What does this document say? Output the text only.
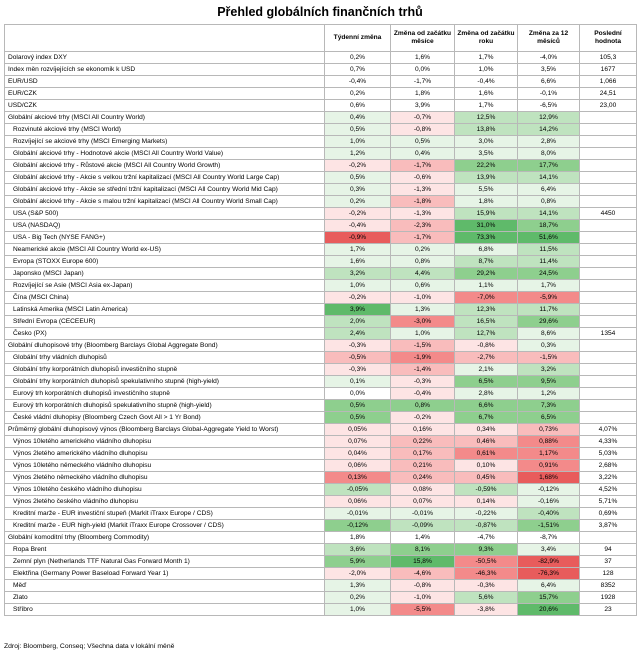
Přehled globálních finančních trhů
	Týdenní změna	Změna od začátku měsíce	Změna od začátku roku	Změna za 12 měsíců	Poslední hodnota
Dolarový index DXY	0,2%	1,6%	1,7%	-4,0%	105,3
Index měn rozvíjejících se ekonomik k USD	0,7%	0,0%	1,0%	3,5%	1677
EUR/USD	-0,4%	-1,7%	-0,4%	6,6%	1,066
EUR/CZK	0,2%	1,8%	1,6%	-0,1%	24,51
USD/CZK	0,6%	3,9%	1,7%	-6,5%	23,00
Globální akciové trhy (MSCI All Country World)	0,4%	-0,7%	12,5%	12,9%	
Rozvinuté akciové trhy (MSCI World)	0,5%	-0,8%	13,8%	14,2%	
Rozvíjející se akciové trhy (MSCI Emerging Markets)	1,0%	0,5%	3,0%	2,8%	
Globální akciové trhy - Hodnotové akcie (MSCI All Country World Value)	1,2%	0,4%	3,5%	8,0%	
Globální akciové trhy - Růstové akcie (MSCI All Country World Growth)	-0,2%	-1,7%	22,2%	17,7%	
Globální akciové trhy - Akcie s velkou tržní kapitalizací (MSCI All Country World Large Cap)	0,5%	-0,6%	13,9%	14,1%	
Globální akciové trhy - Akcie se střední tržní kapitalizací (MSCI All Country World Mid Cap)	0,3%	-1,3%	5,5%	6,4%	
Globální akciové trhy - Akcie s malou tržní kapitalizací (MSCI All Country World Small Cap)	0,2%	-1,8%	1,8%	0,8%	
USA (S&P 500)	-0,2%	-1,3%	15,9%	14,1%	4450
USA (NASDAQ)	-0,4%	-2,3%	31,0%	18,7%	
USA - Big Tech (NYSE FANG+)	-0,9%	-1,7%	73,3%	51,6%	
Neamerické akcie (MSCI All Country World ex-US)	1,7%	0,2%	6,8%	11,5%	
Evropa (STOXX Europe 600)	1,6%	0,8%	8,7%	11,4%	
Japonsko (MSCI Japan)	3,2%	4,4%	29,2%	24,5%	
Rozvíjející se Asie (MSCI Asia ex-Japan)	1,0%	0,6%	1,1%	1,7%	
Čína (MSCI China)	-0,2%	-1,0%	-7,0%	-5,9%	
Latinská Amerika (MSCI Latin America)	3,9%	1,3%	12,3%	11,7%	
Střední Evropa (CECEEUR)	2,0%	-3,0%	16,5%	29,6%	
Česko (PX)	2,4%	1,0%	12,7%	8,6%	1354
Globální dluhopisové trhy (Bloomberg Barclays Global Aggregate Bond)	-0,3%	-1,5%	-0,8%	0,3%	
Globální trhy vládních dluhopisů	-0,5%	-1,9%	-2,7%	-1,5%	
Globální trhy korporátních dluhopisů investičního stupně	-0,3%	-1,4%	2,1%	3,2%	
Globální trhy korporátních dluhopisů spekulativního stupně (high-yield)	0,1%	-0,3%	6,5%	9,5%	
Eurový trh korporátních dluhopisů investičního stupně	0,0%	-0,4%	2,8%	1,2%	
Eurový trh korporátních dluhopisů spekulativního stupně (high-yield)	0,5%	0,8%	6,6%	7,3%	
České vládní dluhopisy (Bloomberg Czech Govt All > 1 Yr Bond)	0,5%	-0,2%	6,7%	6,5%	
Průměrný globální dluhopisový výnos (Bloomberg Barclays Global-Aggregate Yield to Worst)	0,05%	0,16%	0,34%	0,73%	4,07%
Výnos 10letého amerického vládního dluhopisu	0,07%	0,22%	0,46%	0,88%	4,33%
Výnos 2letého amerického vládního dluhopisu	0,04%	0,17%	0,61%	1,17%	5,03%
Výnos 10letého německého vládního dluhopisu	0,06%	0,21%	0,10%	0,91%	2,68%
Výnos 2letého německého vládního dluhopisu	0,13%	0,24%	0,45%	1,68%	3,22%
Výnos 10letého českého vládního dluhopisu	-0,05%	0,08%	-0,59%	-0,12%	4,52%
Výnos 2letého českého vládního dluhopisu	0,06%	0,07%	0,14%	-0,16%	5,71%
Kreditní marže - EUR investiční stupeň (Markit iTraxx Europe / CDS)	-0,01%	-0,01%	-0,22%	-0,40%	0,69%
Kreditní marže - EUR high-yield (Markit iTraxx Europe Crossover / CDS)	-0,12%	-0,09%	-0,87%	-1,51%	3,87%
Globální komoditní trhy (Bloomberg Commodity)	1,8%	1,4%	-4,7%	-8,7%	
Ropa Brent	3,6%	8,1%	9,3%	3,4%	94
Zemní plyn (Netherlands TTF Natural Gas Forward Month 1)	5,9%	15,8%	-50,5%	-82,9%	37
Elektřina (Germany Power Baseload Forward Year 1)	-2,0%	-4,6%	-46,3%	-76,3%	128
Měď	1,3%	-0,8%	-0,3%	6,4%	8352
Zlato	0,2%	-1,0%	5,6%	15,7%	1928
Stříbro	1,0%	-5,5%	-3,8%	20,6%	23
Zdroj: Bloomberg, Conseq; Všechna data v lokální měně
